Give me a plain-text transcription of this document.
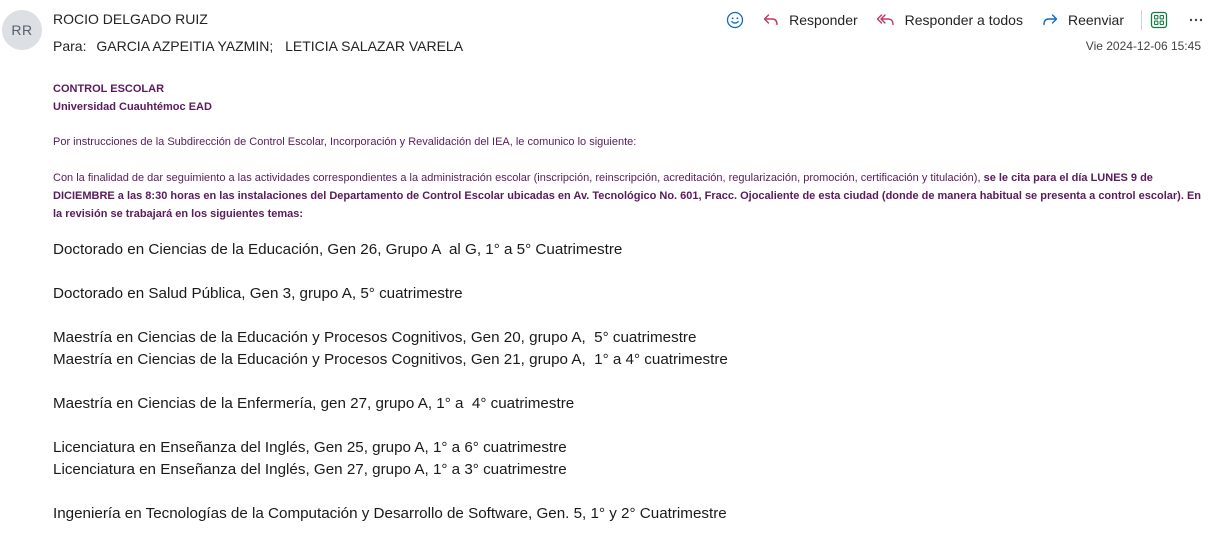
RR
ROCIO DELGADO RUIZ
Para: GARCIA AZPEITIA YAZMIN; LETICIA SALAZAR VARELA
Responder	Responder a todos	Reenviar
Vie 2024-12-06 15:45
CONTROL ESCOLAR
Universidad Cuauhtémoc EAD
Por instrucciones de la Subdirección de Control Escolar, Incorporación y Revalidación del IEA, le comunico lo siguiente:
Con la finalidad de dar seguimiento a las actividades correspondientes a la administración escolar (inscripción, reinscripción, acreditación, regularización, promoción, certificación y titulación), se le cita para el día LUNES 9 de DICIEMBRE a las 8:30 horas en las instalaciones del Departamento de Control Escolar ubicadas en Av. Tecnológico No. 601, Fracc. Ojocaliente de esta ciudad (donde de manera habitual se presenta a control escolar). En la revisión se trabajará en los siguientes temas:
Doctorado en Ciencias de la Educación, Gen 26, Grupo A  al G, 1° a 5° Cuatrimestre
Doctorado en Salud Pública, Gen 3, grupo A, 5° cuatrimestre
Maestría en Ciencias de la Educación y Procesos Cognitivos, Gen 20, grupo A,  5° cuatrimestre
Maestría en Ciencias de la Educación y Procesos Cognitivos, Gen 21, grupo A,  1° a 4° cuatrimestre
Maestría en Ciencias de la Enfermería, gen 27, grupo A, 1° a  4° cuatrimestre
Licenciatura en Enseñanza del Inglés, Gen 25, grupo A, 1° a 6° cuatrimestre
Licenciatura en Enseñanza del Inglés, Gen 27, grupo A, 1° a 3° cuatrimestre
Ingeniería en Tecnologías de la Computación y Desarrollo de Software, Gen. 5, 1° y 2° Cuatrimestre
